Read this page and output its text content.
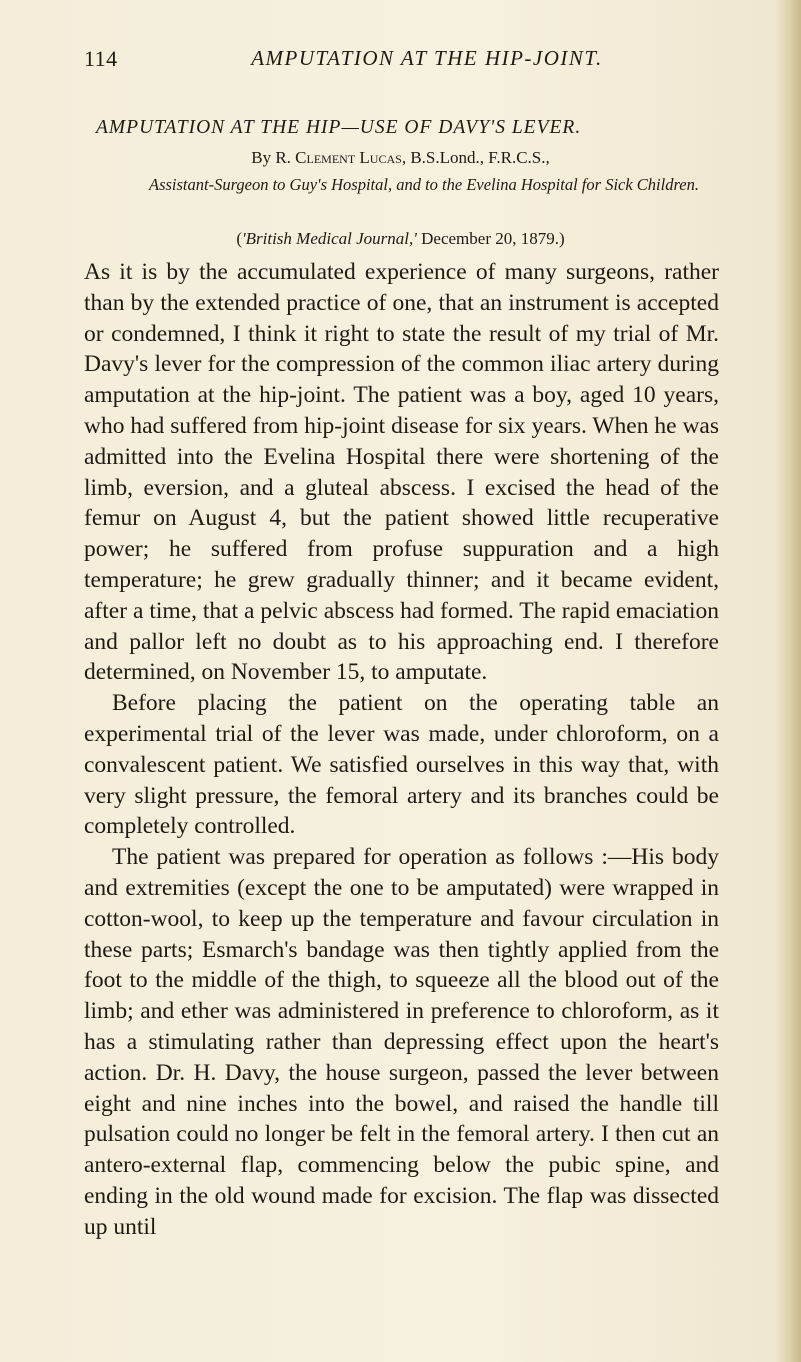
114	AMPUTATION AT THE HIP-JOINT.
AMPUTATION AT THE HIP—USE OF DAVY'S LEVER.
By R. Clement Lucas, B.S.Lond., F.R.C.S.,
Assistant-Surgeon to Guy's Hospital, and to the Evelina Hospital for Sick Children.
('British Medical Journal,' December 20, 1879.)

As it is by the accumulated experience of many surgeons, rather than by the extended practice of one, that an instrument is accepted or condemned, I think it right to state the result of my trial of Mr. Davy's lever for the compression of the common iliac artery during amputation at the hip-joint. The patient was a boy, aged 10 years, who had suffered from hip-joint disease for six years. When he was admitted into the Evelina Hospital there were shortening of the limb, eversion, and a gluteal abscess. I excised the head of the femur on August 4, but the patient showed little recuperative power; he suffered from profuse suppuration and a high temperature; he grew gradually thinner; and it became evident, after a time, that a pelvic abscess had formed. The rapid emaciation and pallor left no doubt as to his approaching end. I therefore determined, on November 15, to amputate.

Before placing the patient on the operating table an experimental trial of the lever was made, under chloroform, on a convalescent patient. We satisfied ourselves in this way that, with very slight pressure, the femoral artery and its branches could be completely controlled.

The patient was prepared for operation as follows :—His body and extremities (except the one to be amputated) were wrapped in cotton-wool, to keep up the temperature and favour circulation in these parts; Esmarch's bandage was then tightly applied from the foot to the middle of the thigh, to squeeze all the blood out of the limb; and ether was administered in preference to chloroform, as it has a stimulating rather than depressing effect upon the heart's action. Dr. H. Davy, the house surgeon, passed the lever between eight and nine inches into the bowel, and raised the handle till pulsation could no longer be felt in the femoral artery. I then cut an antero-external flap, commencing below the pubic spine, and ending in the old wound made for excision. The flap was dissected up until
